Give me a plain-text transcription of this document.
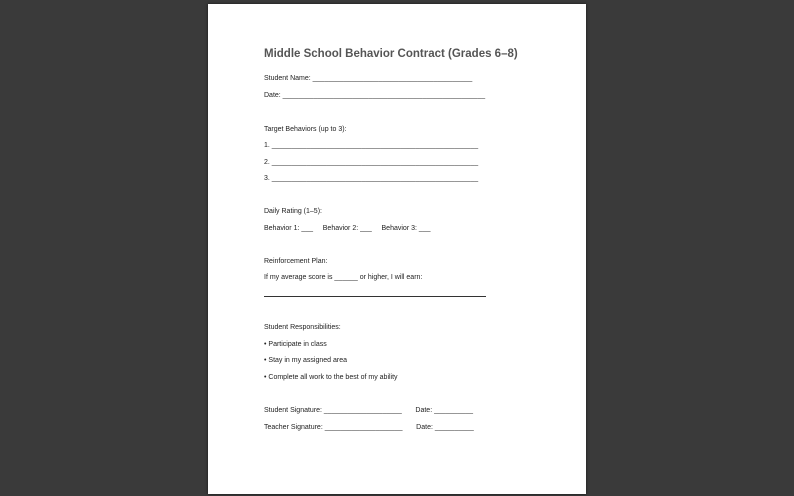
Middle School Behavior Contract (Grades 6–8)
Student Name: _________________________________________
Date: ____________________________________________________
Target Behaviors (up to 3):
1. _____________________________________________________
2. _____________________________________________________
3. _____________________________________________________
Daily Rating (1–5):
Behavior 1: ___     Behavior 2: ___     Behavior 3: ___
Reinforcement Plan:
If my average score is ______ or higher, I will earn:
Student Responsibilities:
• Participate in class
• Stay in my assigned area
• Complete all work to the best of my ability
Student Signature: ____________________       Date: __________
Teacher Signature: ____________________       Date: __________
